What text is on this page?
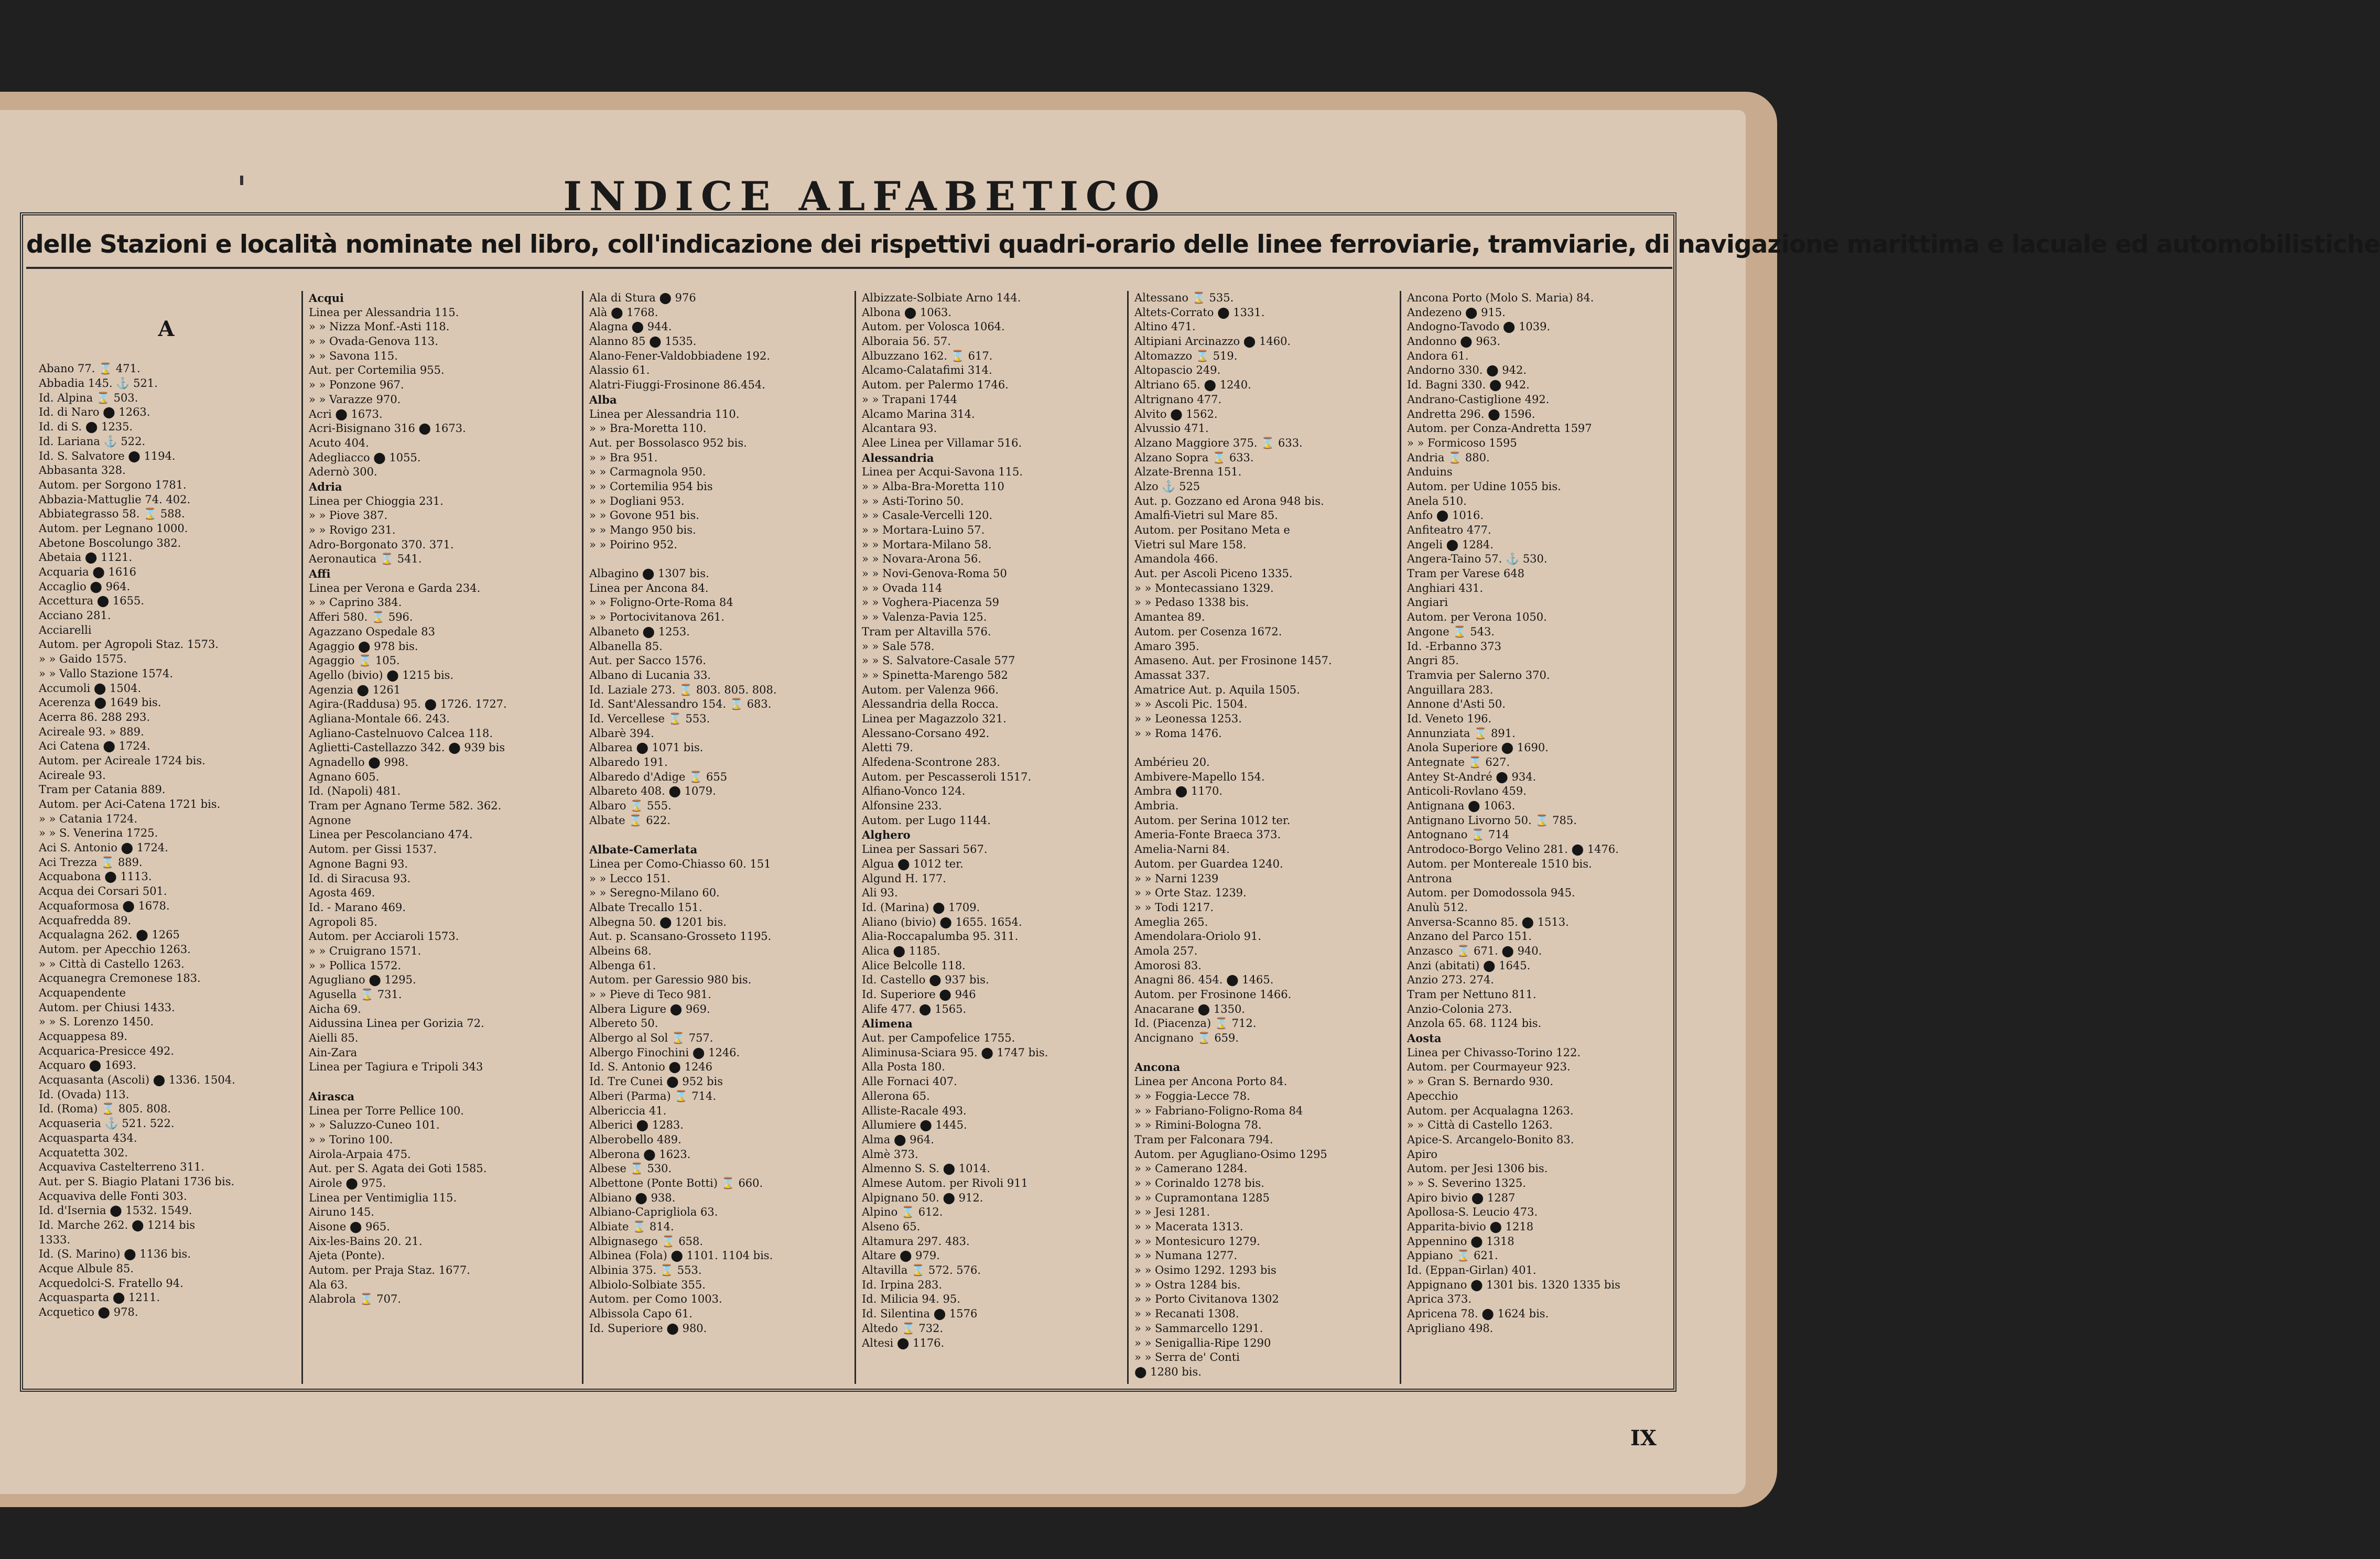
INDICE ALFABETICO
delle Stazioni e località nominate nel libro, coll'indicazione dei rispettivi quadri-orario delle linee ferroviarie, tramviarie, di navigazione marittima e lacuale ed automobilistiche
A
Abano 77. ⌛ 471.
Abbadia 145. ⚓ 521.
Id. Alpina ⌛ 503.
Id. di Naro ⬤ 1263.
Id. di S. ⬤ 1235.
Id. Lariana ⚓ 522.
Id. S. Salvatore ⬤ 1194.
Abbasanta 328.
Autom. per Sorgono 1781.
Abbazia-Mattuglie 74. 402.
Abbiategrasso 58. ⌛ 588.
Autom. per Legnano 1000.
Abetone Boscolungo 382.
Abetaia ⬤ 1121.
Acquaria ⬤ 1616
Accaglio ⬤ 964.
Accettura ⬤ 1655.
Acciano 281.
Acciarelli
Autom. per Agropoli Staz. 1573.
» » Gaido 1575.
» » Vallo Stazione 1574.
Accumoli ⬤ 1504.
Acerenza ⬤ 1649 bis.
Acerra 86. 288 293.
Acireale 93. » 889.
Aci Catena ⬤ 1724.
Autom. per Acireale 1724 bis.
Acireale 93.
Tram per Catania 889.
Autom. per Aci-Catena 1721 bis.
» » Catania 1724.
» » S. Venerina 1725.
Aci S. Antonio ⬤ 1724.
Aci Trezza ⌛ 889.
Acquabona ⬤ 1113.
Acqua dei Corsari 501.
Acquaformosa ⬤ 1678.
Acquafredda 89.
Acqualagna 262. ⬤ 1265
Autom. per Apecchio 1263.
» » Città di Castello 1263.
Acquanegra Cremonese 183.
Acquapendente
Autom. per Chiusi 1433.
» » S. Lorenzo 1450.
Acquappesa 89.
Acquarica-Presicce 492.
Acquaro ⬤ 1693.
Acquasanta (Ascoli) ⬤ 1336. 1504.
Id. (Ovada) 113.
Id. (Roma) ⌛ 805. 808.
Acquaseria ⚓ 521. 522.
Acquasparta 434.
Acquatetta 302.
Acquaviva Castelterreno 311.
Aut. per S. Biagio Platani 1736 bis.
Acquaviva delle Fonti 303.
Id. d'Isernia ⬤ 1532. 1549.
Id. Marche 262. ⬤ 1214 bis
1333.
Id. (S. Marino) ⬤ 1136 bis.
Acque Albule 85.
Acquedolci-S. Fratello 94.
Acquasparta ⬤ 1211.
Acquetico ⬤ 978.
Acqui
Linea per Alessandria 115.
» » Nizza Monf.-Asti 118.
» » Ovada-Genova 113.
» » Savona 115.
Aut. per Cortemilia 955.
» » Ponzone 967.
» » Varazze 970.
Acri ⬤ 1673.
Acri-Bisignano 316 ⬤ 1673.
Acuto 404.
Adegliacco ⬤ 1055.
Adernò 300.
Adria
Linea per Chioggia 231.
» » Piove 387.
» » Rovigo 231.
Adro-Borgonato 370. 371.
Aeronautica ⌛ 541.
Affi
Linea per Verona e Garda 234.
» » Caprino 384.
Afferi 580. ⌛ 596.
Agazzano Ospedale 83
Agaggio ⬤ 978 bis.
Agaggio ⌛ 105.
Agello (bivio) ⬤ 1215 bis.
Agenzia ⬤ 1261
Agira-(Raddusa) 95. ⬤ 1726. 1727.
Agliana-Montale 66. 243.
Agliano-Castelnuovo Calcea 118.
Aglietti-Castellazzo 342. ⬤ 939 bis
Agnadello ⬤ 998.
Agnano 605.
Id. (Napoli) 481.
Tram per Agnano Terme 582. 362.
Agnone
Linea per Pescolanciano 474.
Autom. per Gissi 1537.
Agnone Bagni 93.
Id. di Siracusa 93.
Agosta 469.
Id. - Marano 469.
Agropoli 85.
Autom. per Acciaroli 1573.
» » Cruigrano 1571.
» » Pollica 1572.
Agugliano ⬤ 1295.
Agusella ⌛ 731.
Aicha 69.
Aidussina Linea per Gorizia 72.
Aielli 85.
Ain-Zara
Linea per Tagiura e Tripoli 343
Airasca
Linea per Torre Pellice 100.
» » Saluzzo-Cuneo 101.
» » Torino 100.
Airola-Arpaia 475.
Aut. per S. Agata dei Goti 1585.
Airole ⬤ 975.
Linea per Ventimiglia 115.
Airuno 145.
Aisone ⬤ 965.
Aix-les-Bains 20. 21.
Ajeta (Ponte).
Autom. per Praja Staz. 1677.
Ala 63.
Alabrola ⌛ 707.
Ala di Stura ⬤ 976
Alà ⬤ 1768.
Alagna ⬤ 944.
Alanno 85 ⬤ 1535.
Alano-Fener-Valdobbiadene 192.
Alassio 61.
Alatri-Fiuggi-Frosinone 86.454.
Alba
Linea per Alessandria 110.
» » Bra-Moretta 110.
Aut. per Bossolasco 952 bis.
» » Bra 951.
» » Carmagnola 950.
» » Cortemilia 954 bis
» » Dogliani 953.
» » Govone 951 bis.
» » Mango 950 bis.
» » Poirino 952.
Albagino ⬤ 1307 bis.
Linea per Ancona 84.
» » Foligno-Orte-Roma 84
» » Portocivitanova 261.
Albaneto ⬤ 1253.
Albanella 85.
Aut. per Sacco 1576.
Albano di Lucania 33.
Id. Laziale 273. ⌛ 803. 805. 808.
Id. Sant'Alessandro 154. ⌛ 683.
Id. Vercellese ⌛ 553.
Albarè 394.
Albarea ⬤ 1071 bis.
Albaredo 191.
Albaredo d'Adige ⌛ 655
Albareto 408. ⬤ 1079.
Albaro ⌛ 555.
Albate ⌛ 622.
Albate-Camerlata
Linea per Como-Chiasso 60. 151
» » Lecco 151.
» » Seregno-Milano 60.
Albate Trecallo 151.
Albegna 50. ⬤ 1201 bis.
Aut. p. Scansano-Grosseto 1195.
Albeins 68.
Albenga 61.
Autom. per Garessio 980 bis.
» » Pieve di Teco 981.
Albera Ligure ⬤ 969.
Albereto 50.
Albergo al Sol ⌛ 757.
Albergo Finochini ⬤ 1246.
Id. S. Antonio ⬤ 1246
Id. Tre Cunei ⬤ 952 bis
Alberi (Parma) ⌛ 714.
Albericcia 41.
Alberici ⬤ 1283.
Alberobello 489.
Alberona ⬤ 1623.
Albese ⌛ 530.
Albettone (Ponte Botti) ⌛ 660.
Albiano ⬤ 938.
Albiano-Caprigliola 63.
Albiate ⌛ 814.
Albignasego ⌛ 658.
Albinea (Fola) ⬤ 1101. 1104 bis.
Albinia 375. ⌛ 553.
Albiolo-Solbiate 355.
Autom. per Como 1003.
Albissola Capo 61.
Id. Superiore ⬤ 980.
Albizzate-Solbiate Arno 144.
Albona ⬤ 1063.
Autom. per Volosca 1064.
Alboraia 56. 57.
Albuzzano 162. ⌛ 617.
Alcamo-Calatafimi 314.
Autom. per Palermo 1746.
» » Trapani 1744
Alcamo Marina 314.
Alcantara 93.
Alee Linea per Villamar 516.
Alessandria
Linea per Acqui-Savona 115.
» » Alba-Bra-Moretta 110
» » Asti-Torino 50.
» » Casale-Vercelli 120.
» » Mortara-Luino 57.
» » Mortara-Milano 58.
» » Novara-Arona 56.
» » Novi-Genova-Roma 50
» » Ovada 114
» » Voghera-Piacenza 59
» » Valenza-Pavia 125.
Tram per Altavilla 576.
» » Sale 578.
» » S. Salvatore-Casale 577
» » Spinetta-Marengo 582
Autom. per Valenza 966.
Alessandria della Rocca.
Linea per Magazzolo 321.
Alessano-Corsano 492.
Aletti 79.
Alfedena-Scontrone 283.
Autom. per Pescasseroli 1517.
Alfiano-Vonco 124.
Alfonsine 233.
Autom. per Lugo 1144.
Alghero
Linea per Sassari 567.
Algua ⬤ 1012 ter.
Algund H. 177.
Ali 93.
Id. (Marina) ⬤ 1709.
Aliano (bivio) ⬤ 1655. 1654.
Alia-Roccapalumba 95. 311.
Alica ⬤ 1185.
Alice Belcolle 118.
Id. Castello ⬤ 937 bis.
Id. Superiore ⬤ 946
Alife 477. ⬤ 1565.
Alimena
Aut. per Campofelice 1755.
Aliminusa-Sciara 95. ⬤ 1747 bis.
Alla Posta 180.
Alle Fornaci 407.
Allerona 65.
Alliste-Racale 493.
Allumiere ⬤ 1445.
Alma ⬤ 964.
Almè 373.
Almenno S. S. ⬤ 1014.
Almese Autom. per Rivoli 911
Alpignano 50. ⬤ 912.
Alpino ⌛ 612.
Alseno 65.
Altamura 297. 483.
Altare ⬤ 979.
Altavilla ⌛ 572. 576.
Id. Irpina 283.
Id. Milicia 94. 95.
Id. Silentina ⬤ 1576
Altedo ⌛ 732.
Altesi ⬤ 1176.
Altessano ⌛ 535.
Altets-Corrato ⬤ 1331.
Altino 471.
Altipiani Arcinazzo ⬤ 1460.
Altomazzo ⌛ 519.
Altopascio 249.
Altriano 65. ⬤ 1240.
Altrignano 477.
Alvito ⬤ 1562.
Alvussio 471.
Alzano Maggiore 375. ⌛ 633.
Alzano Sopra ⌛ 633.
Alzate-Brenna 151.
Alzo ⚓ 525
Aut. p. Gozzano ed Arona 948 bis.
Amalfi-Vietri sul Mare 85.
Autom. per Positano Meta e
Vietri sul Mare 158.
Amandola 466.
Aut. per Ascoli Piceno 1335.
» » Montecassiano 1329.
» » Pedaso 1338 bis.
Amantea 89.
Autom. per Cosenza 1672.
Amaro 395.
Amaseno. Aut. per Frosinone 1457.
Amassat 337.
Amatrice Aut. p. Aquila 1505.
» » Ascoli Pic. 1504.
» » Leonessa 1253.
» » Roma 1476.
Ambérieu 20.
Ambivere-Mapello 154.
Ambra ⬤ 1170.
Ambria.
Autom. per Serina 1012 ter.
Ameria-Fonte Braeca 373.
Amelia-Narni 84.
Autom. per Guardea 1240.
» » Narni 1239
» » Orte Staz. 1239.
» » Todi 1217.
Ameglia 265.
Amendolara-Oriolo 91.
Amola 257.
Amorosi 83.
Anagni 86. 454. ⬤ 1465.
Autom. per Frosinone 1466.
Anacarane ⬤ 1350.
Id. (Piacenza) ⌛ 712.
Ancignano ⌛ 659.
Ancona
Linea per Ancona Porto 84.
» » Foggia-Lecce 78.
» » Fabriano-Foligno-Roma 84
» » Rimini-Bologna 78.
Tram per Falconara 794.
Autom. per Agugliano-Osimo 1295
» » Camerano 1284.
» » Corinaldo 1278 bis.
» » Cupramontana 1285
» » Jesi 1281.
» » Macerata 1313.
» » Montesicuro 1279.
» » Numana 1277.
» » Osimo 1292. 1293 bis
» » Ostra 1284 bis.
» » Porto Civitanova 1302
» » Recanati 1308.
» » Sammarcello 1291.
» » Senigallia-Ripe 1290
» » Serra de' Conti
⬤ 1280 bis.
Ancona Porto (Molo S. Maria) 84.
Andezeno ⬤ 915.
Andogno-Tavodo ⬤ 1039.
Andonno ⬤ 963.
Andora 61.
Andorno 330. ⬤ 942.
Id. Bagni 330. ⬤ 942.
Andrano-Castiglione 492.
Andretta 296. ⬤ 1596.
Autom. per Conza-Andretta 1597
» » Formicoso 1595
Andria ⌛ 880.
Anduins
Autom. per Udine 1055 bis.
Anela 510.
Anfo ⬤ 1016.
Anfiteatro 477.
Angeli ⬤ 1284.
Angera-Taino 57. ⚓ 530.
Tram per Varese 648
Anghiari 431.
Angiari
Autom. per Verona 1050.
Angone ⌛ 543.
Id. -Erbanno 373
Angri 85.
Tramvia per Salerno 370.
Anguillara 283.
Annone d'Asti 50.
Id. Veneto 196.
Annunziata ⌛ 891.
Anola Superiore ⬤ 1690.
Antegnate ⌛ 627.
Antey St-André ⬤ 934.
Anticoli-Rovlano 459.
Antignana ⬤ 1063.
Antignano Livorno 50. ⌛ 785.
Antognano ⌛ 714
Antrodoco-Borgo Velino 281. ⬤ 1476.
Autom. per Montereale 1510 bis.
Antrona
Autom. per Domodossola 945.
Anulù 512.
Anversa-Scanno 85. ⬤ 1513.
Anzano del Parco 151.
Anzasco ⌛ 671. ⬤ 940.
Anzi (abitati) ⬤ 1645.
Anzio 273. 274.
Tram per Nettuno 811.
Anzio-Colonia 273.
Anzola 65. 68. 1124 bis.
Aosta
Linea per Chivasso-Torino 122.
Autom. per Courmayeur 923.
» » Gran S. Bernardo 930.
Apecchio
Autom. per Acqualagna 1263.
» » Città di Castello 1263.
Apice-S. Arcangelo-Bonito 83.
Apiro
Autom. per Jesi 1306 bis.
» » S. Severino 1325.
Apiro bivio ⬤ 1287
Apollosa-S. Leucio 473.
Apparita-bivio ⬤ 1218
Appennino ⬤ 1318
Appiano ⌛ 621.
Id. (Eppan-Girlan) 401.
Appignano ⬤ 1301 bis. 1320 1335 bis
Aprica 373.
Apricena 78. ⬤ 1624 bis.
Aprigliano 498.
IX
